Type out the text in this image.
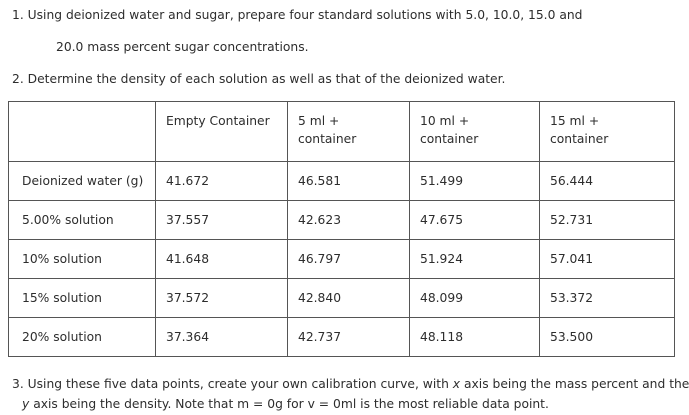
1. Using deionized water and sugar, prepare four standard solutions with 5.0, 10.0, 15.0 and
20.0 mass percent sugar concentrations.
2. Determine the density of each solution as well as that of the deionized water.
	Empty Container	5 ml +
container	10 ml +
container	15 ml +
container
Deionized water (g)	41.672	46.581	51.499	56.444
5.00% solution	37.557	42.623	47.675	52.731
10% solution	41.648	46.797	51.924	57.041
15% solution	37.572	42.840	48.099	53.372
20% solution	37.364	42.737	48.118	53.500
3. Using these five data points, create your own calibration curve, with x axis being the mass percent and the
y axis being the density. Note that m = 0g for v = 0ml is the most reliable data point.
